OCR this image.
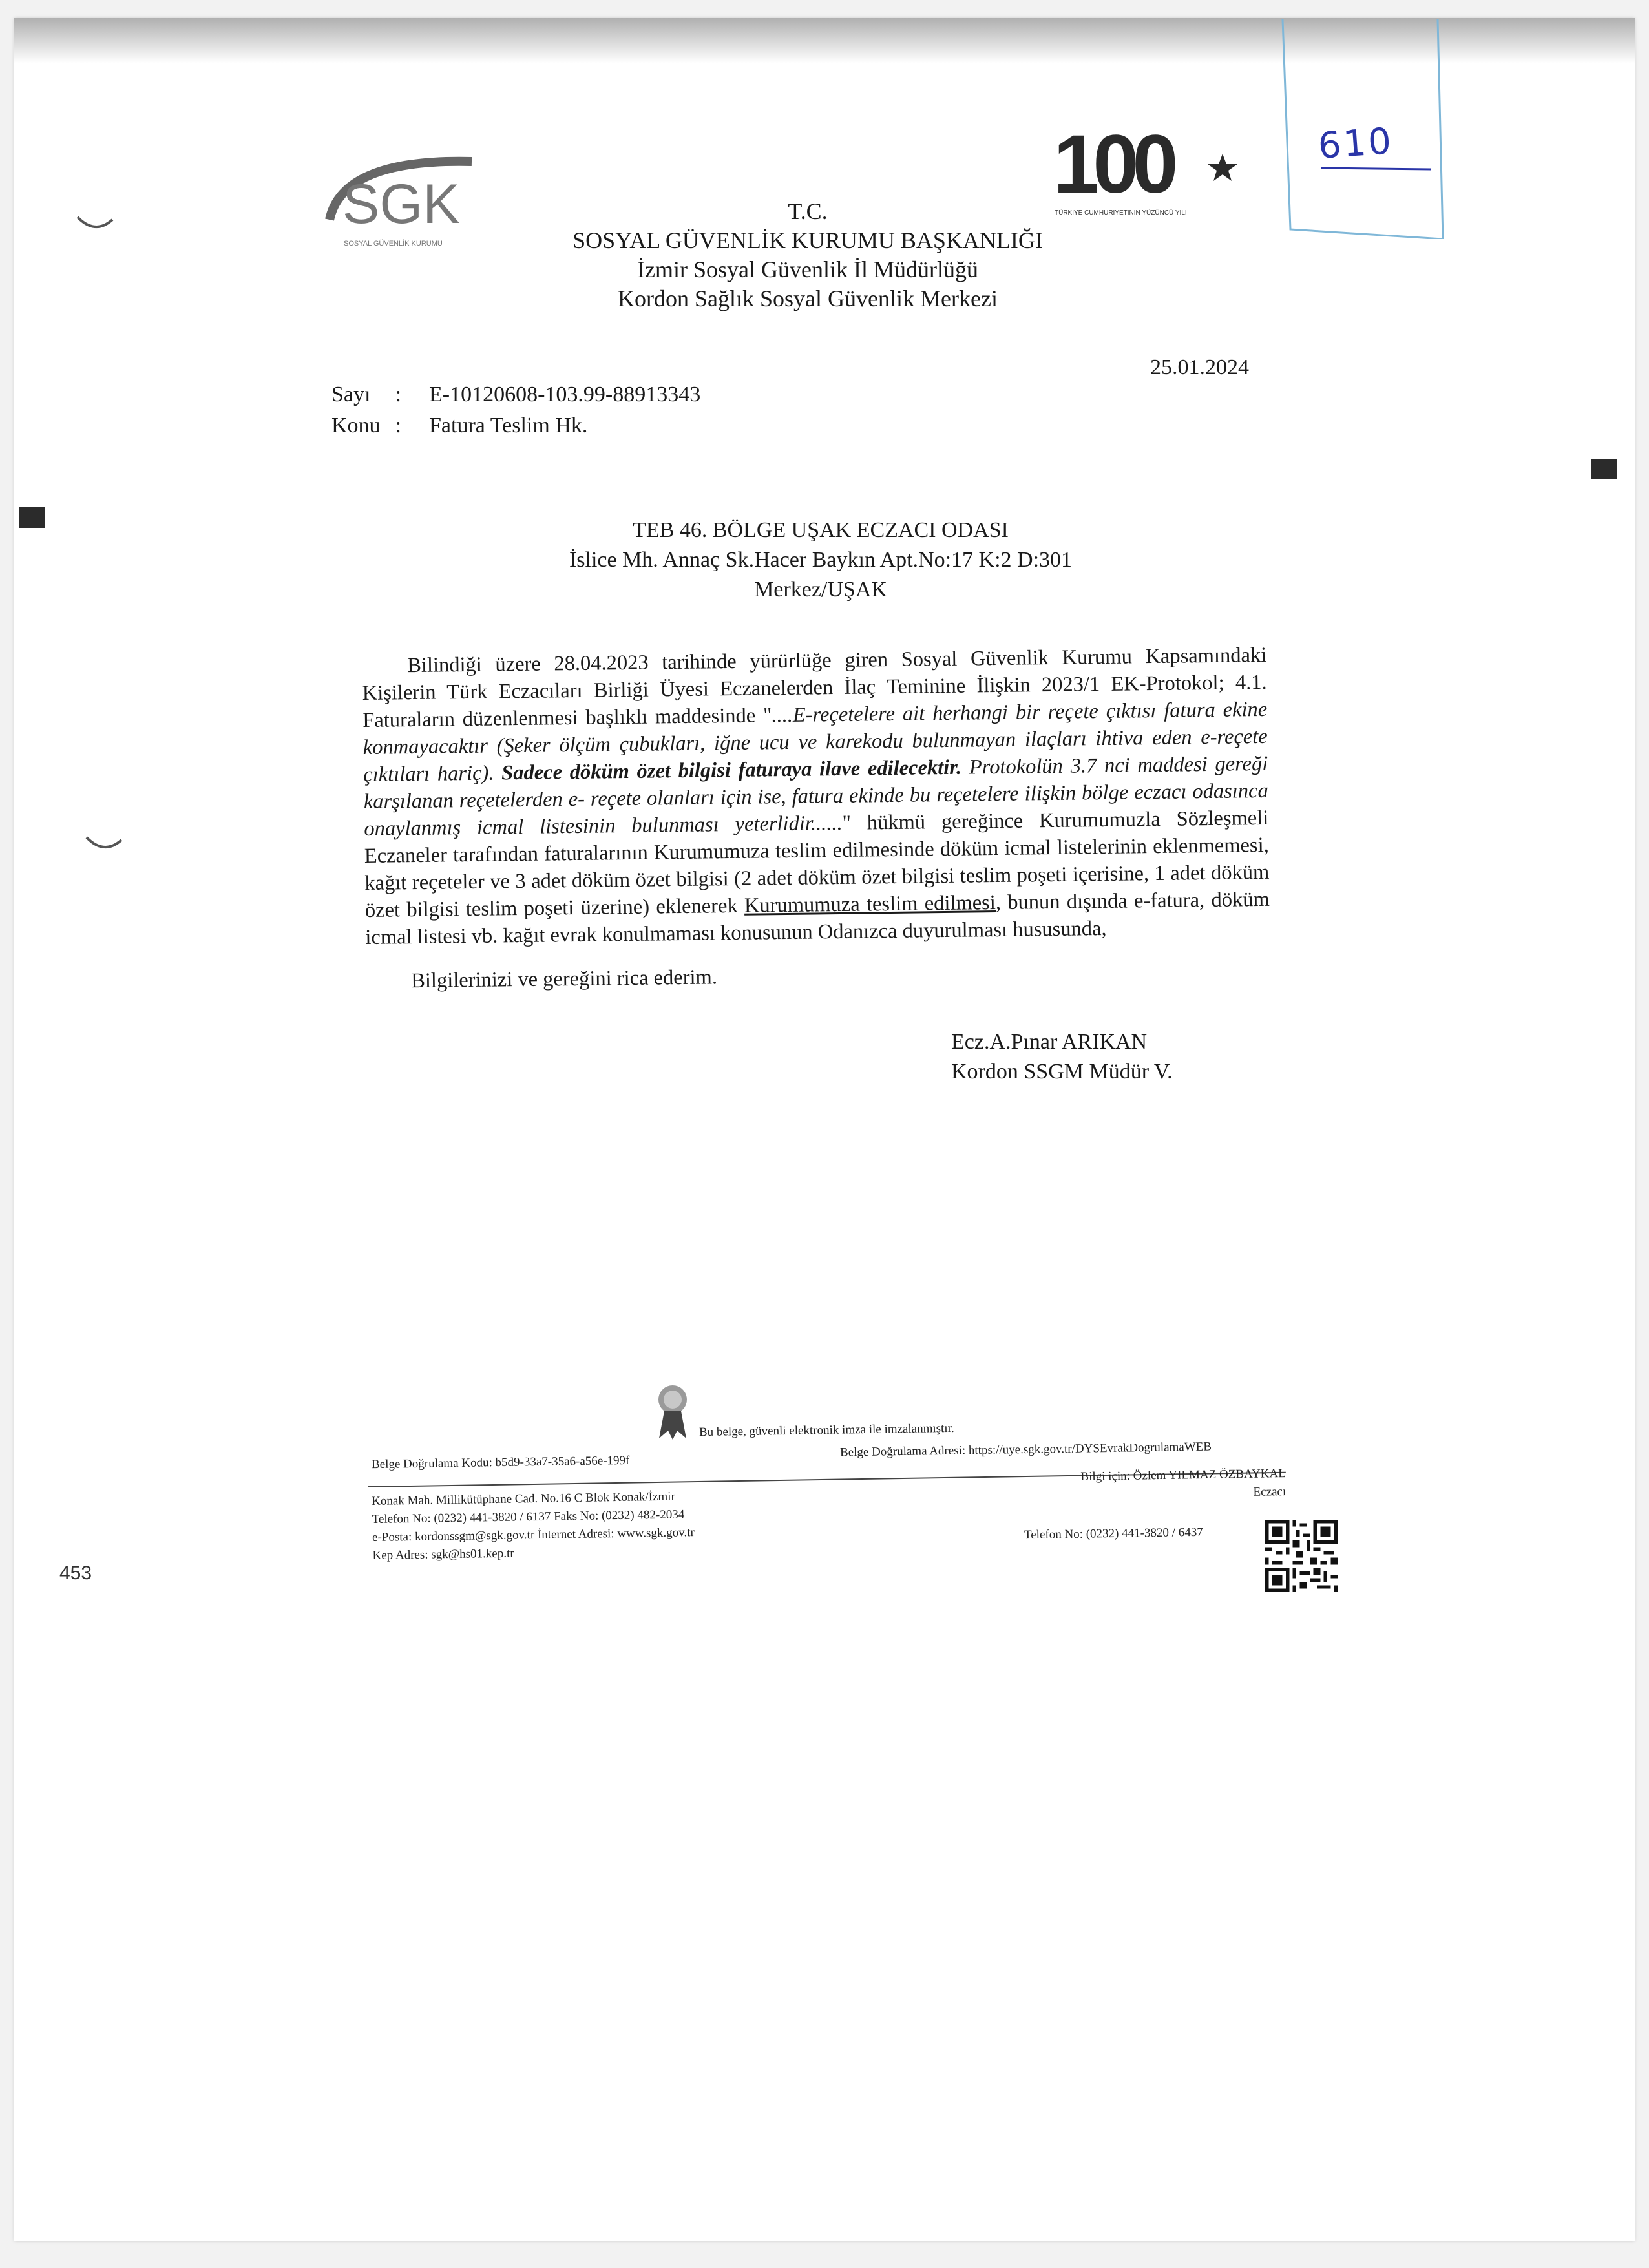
SGK
SOSYAL GÜVENLİK KURUMU
100
TÜRKİYE CUMHURİYETİNİN YÜZÜNCÜ YILI
610
T.C.
SOSYAL GÜVENLİK KURUMU BAŞKANLIĞI
İzmir Sosyal Güvenlik İl Müdürlüğü
Kordon Sağlık Sosyal Güvenlik Merkezi
25.01.2024
Sayı : E-10120608-103.99-88913343
Konu : Fatura Teslim Hk.
TEB 46. BÖLGE UŞAK ECZACI ODASI
İslice Mh. Annaç Sk.Hacer Baykın Apt.No:17 K:2 D:301
Merkez/UŞAK

Bilindiği üzere 28.04.2023 tarihinde yürürlüğe giren Sosyal Güvenlik Kurumu Kapsamındaki Kişilerin Türk Eczacıları Birliği Üyesi Eczanelerden İlaç Teminine İlişkin 2023/1 EK-Protokol; 4.1. Faturaların düzenlenmesi başlıklı maddesinde "....E-reçetelere ait herhangi bir reçete çıktısı fatura ekine konmayacaktır (Şeker ölçüm çubukları, iğne ucu ve karekodu bulunmayan ilaçları ihtiva eden e-reçete çıktıları hariç). Sadece döküm özet bilgisi faturaya ilave edilecektir. Protokolün 3.7 nci maddesi gereği karşılanan reçetelerden e- reçete olanları için ise, fatura ekinde bu reçetelere ilişkin bölge eczacı odasınca onaylanmış icmal listesinin bulunması yeterlidir......" hükmü gereğince Kurumumuzla Sözleşmeli Eczaneler tarafından faturalarının Kurumumuza teslim edilmesinde döküm icmal listelerinin eklenmemesi, kağıt reçeteler ve 3 adet döküm özet bilgisi (2 adet döküm özet bilgisi teslim poşeti içerisine, 1 adet döküm özet bilgisi teslim poşeti üzerine) eklenerek Kurumumuza teslim edilmesi, bunun dışında e-fatura, döküm icmal listesi vb. kağıt evrak konulmaması konusunun Odanızca duyurulması hususunda,

Bilgilerinizi ve gereğini rica ederim.

Ecz.A.Pınar ARIKAN
Kordon SSGM Müdür V.
Bu belge, güvenli elektronik imza ile imzalanmıştır.
Belge Doğrulama Kodu: b5d9-33a7-35a6-a56e-199f
Belge Doğrulama Adresi: https://uye.sgk.gov.tr/DYSEvrakDogrulamaWEB
Konak Mah. Millikütüphane Cad. No.16 C Blok Konak/İzmir
Telefon No: (0232) 441-3820 / 6137 Faks No: (0232) 482-2034
e-Posta: kordonssgm@sgk.gov.tr İnternet Adresi: www.sgk.gov.tr
Kep Adres: sgk@hs01.kep.tr
Bilgi için: Özlem YILMAZ ÖZBAYKAL
Eczacı
Telefon No: (0232) 441-3820 / 6437
453
